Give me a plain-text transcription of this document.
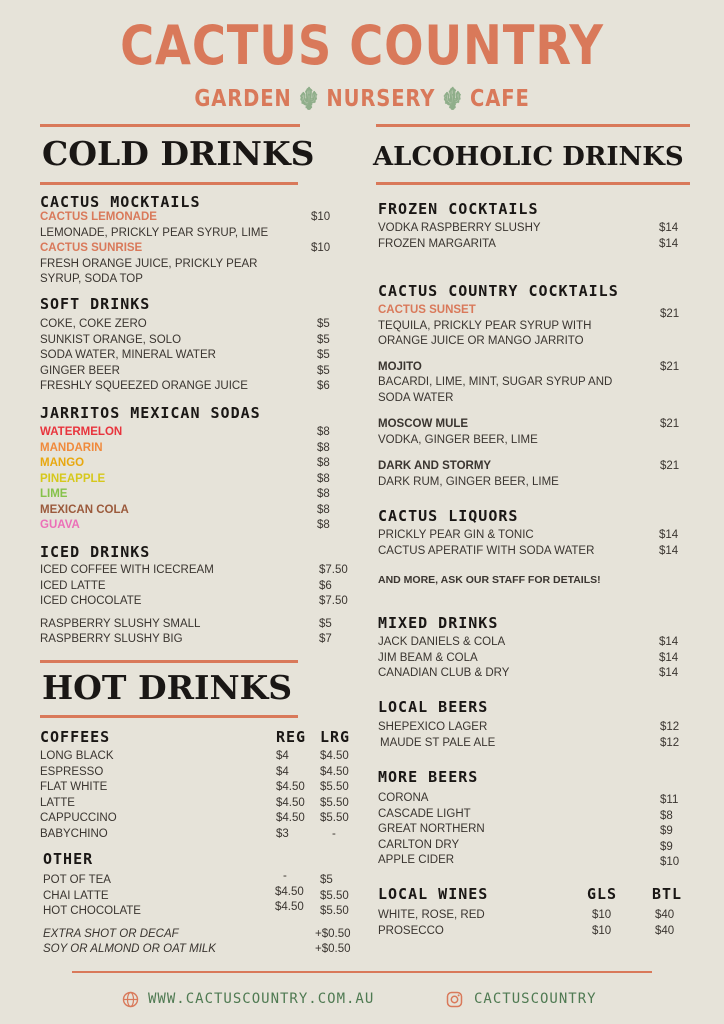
CACTUS COUNTRY
GARDEN 🌵︎ NURSERY 🌵︎ CAFE
COLD DRINKS
CACTUS MOCKTAILS
CACTUS LEMONADE	$10
LEMONADE, PRICKLY PEAR SYRUP, LIME
CACTUS SUNRISE	$10
FRESH ORANGE JUICE, PRICKLY PEAR
SYRUP, SODA TOP
SOFT DRINKS
COKE, COKE ZERO	$5
SUNKIST ORANGE, SOLO	$5
SODA WATER, MINERAL WATER	$5
GINGER BEER	$5
FRESHLY SQUEEZED ORANGE JUICE	$6
JARRITOS MEXICAN SODAS
WATERMELON	$8
MANDARIN	$8
MANGO	$8
PINEAPPLE	$8
LIME	$8
MEXICAN COLA	$8
GUAVA	$8
ICED DRINKS
ICED COFFEE WITH ICECREAM	$7.50
ICED LATTE	$6
ICED CHOCOLATE	$7.50
RASPBERRY SLUSHY SMALL	$5
RASPBERRY SLUSHY BIG	$7
HOT DRINKS
COFFEES	REG LRG
LONG BLACK	$4	$4.50
ESPRESSO	$4	$4.50
FLAT WHITE	$4.50 $5.50
LATTE	$4.50 $5.50
CAPPUCCINO	$4.50 $5.50
BABYCHINO	$3	-
OTHER
POT OF TEA	-	$5
CHAI LATTE	$4.50 $5.50
HOT CHOCOLATE	$4.50 $5.50
EXTRA SHOT OR DECAF	+$0.50
SOY OR ALMOND OR OAT MILK	+$0.50
ALCOHOLIC DRINKS
FROZEN COCKTAILS
VODKA RASPBERRY SLUSHY	$14
FROZEN MARGARITA	$14
CACTUS COUNTRY COCKTAILS
CACTUS SUNSET	$21
TEQUILA, PRICKLY PEAR SYRUP WITH
ORANGE JUICE OR MANGO JARRITO
MOJITO	$21
BACARDI, LIME, MINT, SUGAR SYRUP AND
SODA WATER
MOSCOW MULE	$21
VODKA, GINGER BEER, LIME
DARK AND STORMY	$21
DARK RUM, GINGER BEER, LIME
CACTUS LIQUORS
PRICKLY PEAR GIN & TONIC	$14
CACTUS APERATIF WITH SODA WATER	$14
AND MORE, ASK OUR STAFF FOR DETAILS!
MIXED DRINKS
JACK DANIELS & COLA	$14
JIM BEAM & COLA	$14
CANADIAN CLUB & DRY	$14
LOCAL BEERS
SHEPEXICO LAGER	$12
MAUDE ST PALE ALE	$12
MORE BEERS
CORONA	$11
CASCADE LIGHT	$8
GREAT NORTHERN	$9
CARLTON DRY	$9
APPLE CIDER	$10
LOCAL WINES	GLS BTL
WHITE, ROSE, RED	$10	$40
PROSECCO	$10	$40
WWW.CACTUSCOUNTRY.COM.AU	CACTUSCOUNTRY
